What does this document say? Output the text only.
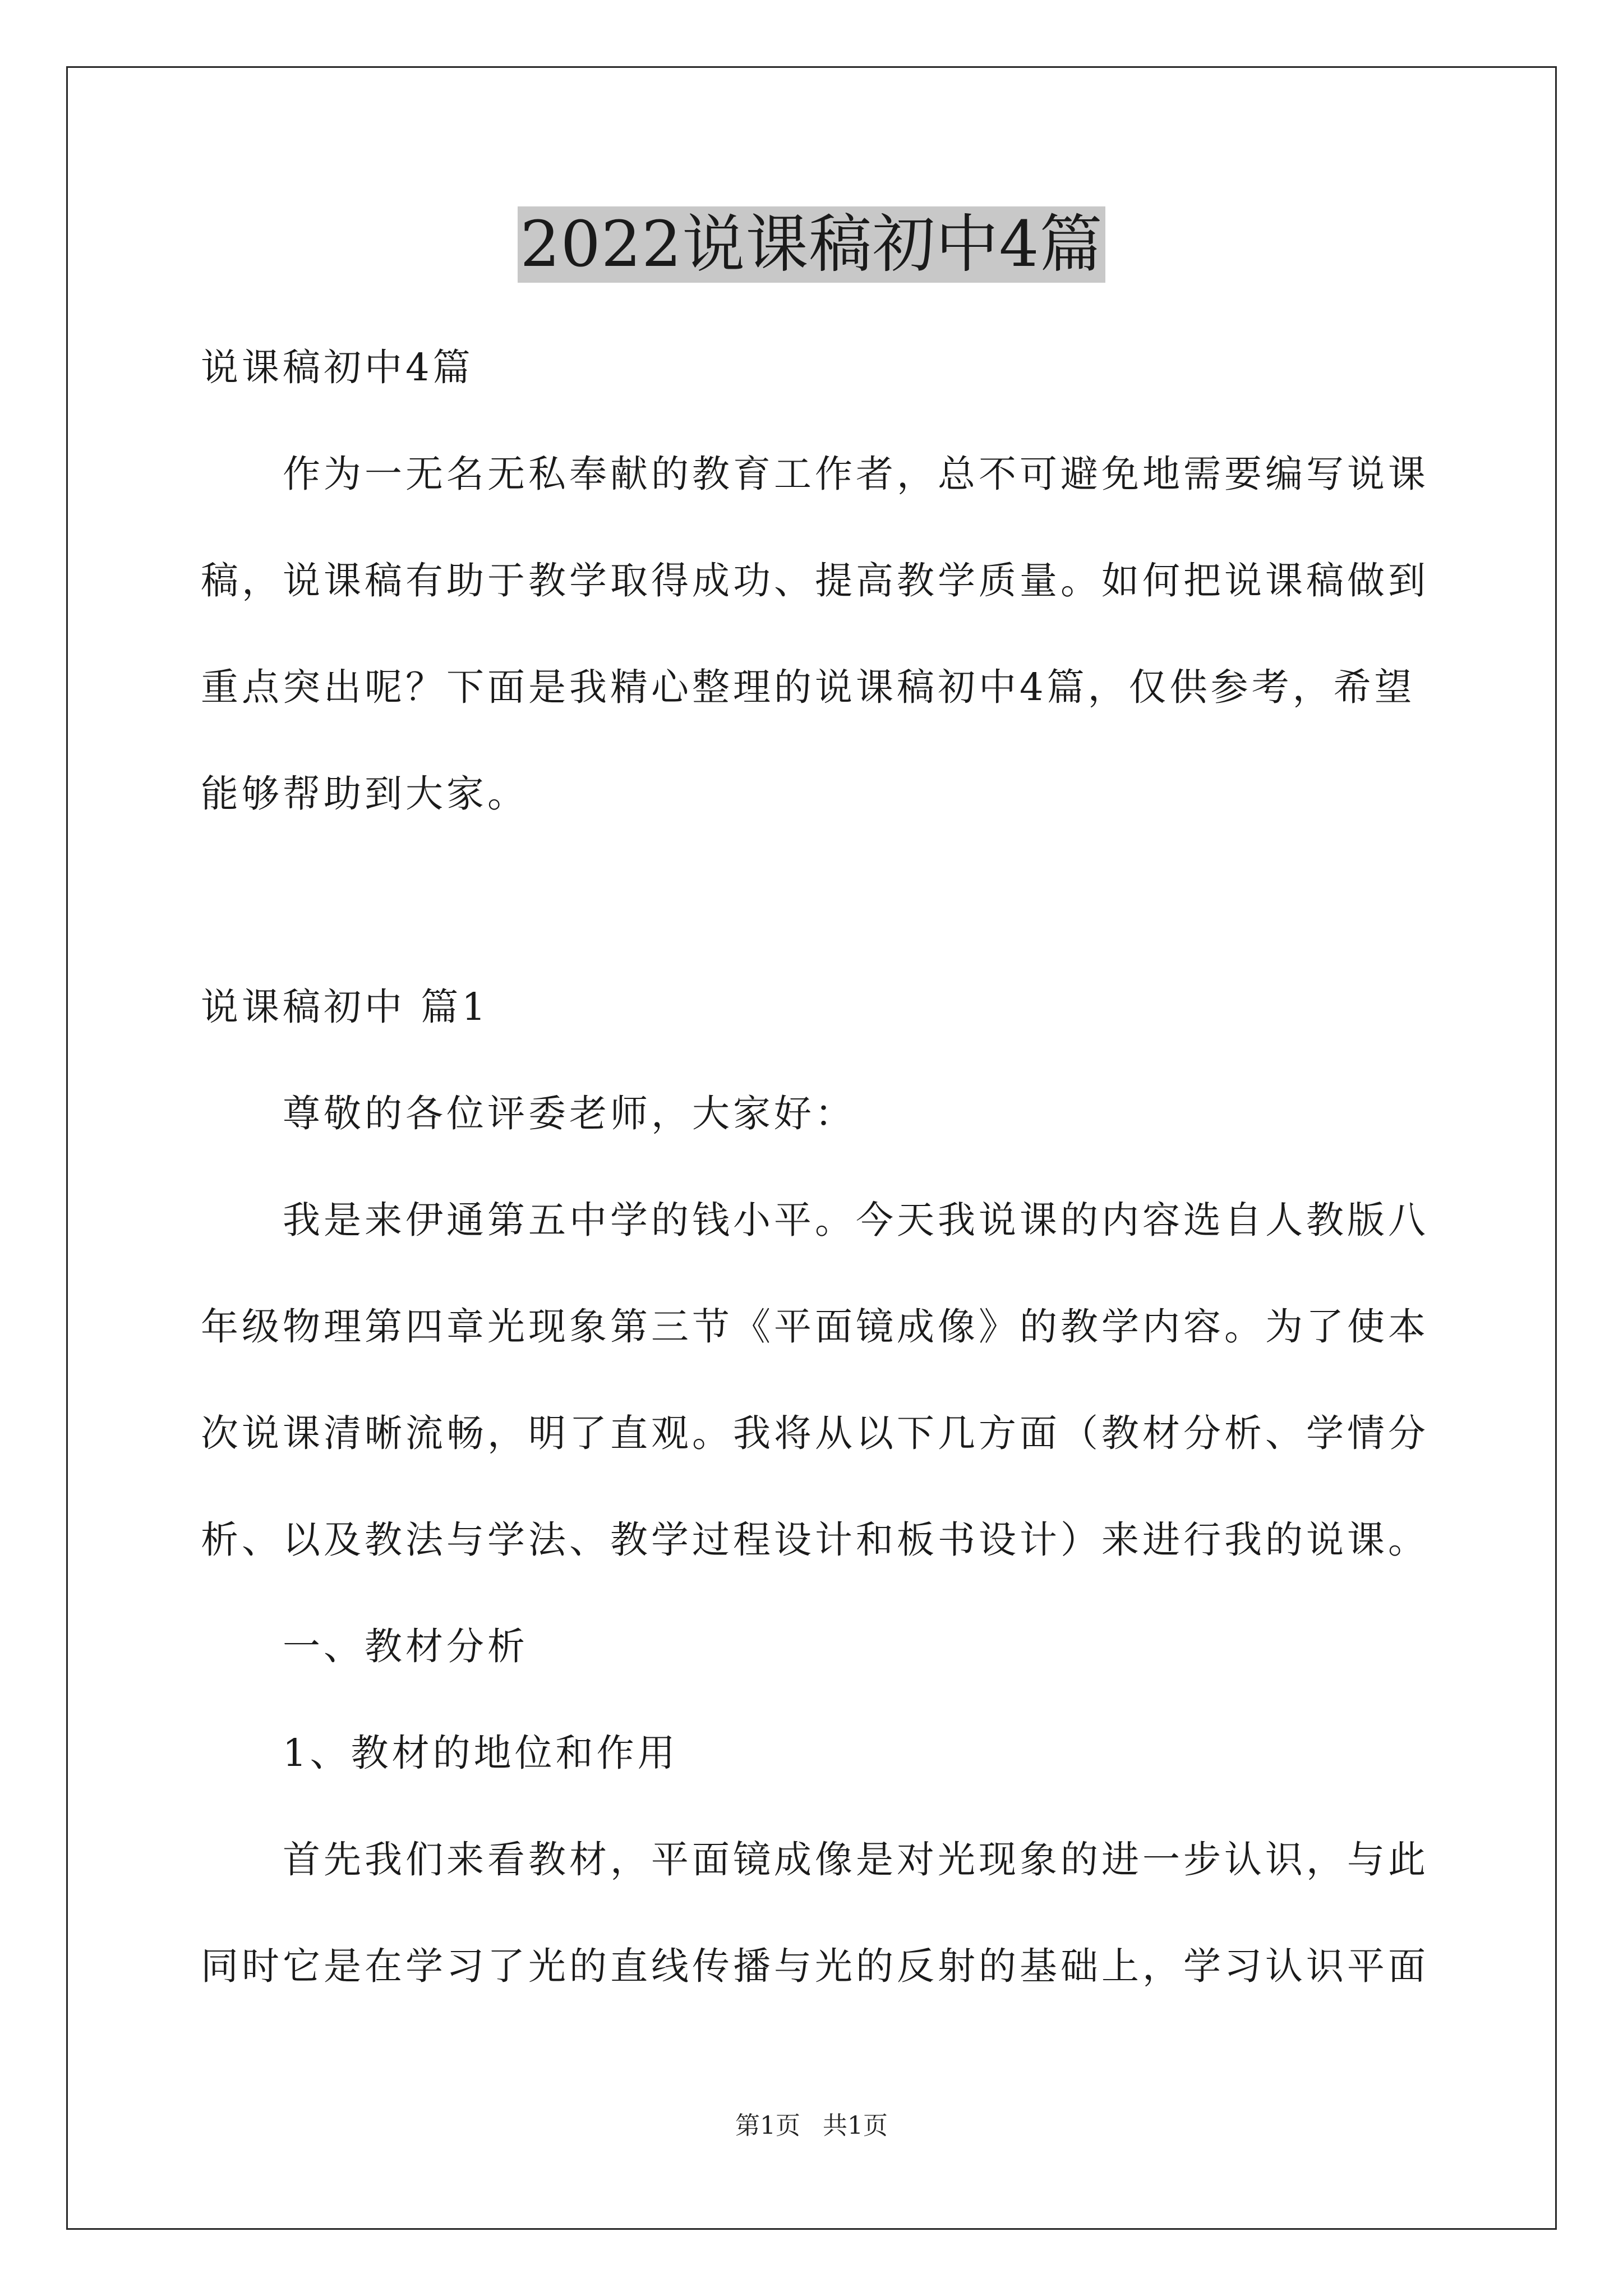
2022说课稿初中4篇

说课稿初中4篇

作为一无名无私奉献的教育工作者，总不可避免地需要编写说课稿，说课稿有助于教学取得成功、提高教学质量。如何把说课稿做到重点突出呢？下面是我精心整理的说课稿初中4篇，仅供参考，希望能够帮助到大家。

说课稿初中 篇1

尊敬的各位评委老师，大家好：

我是来伊通第五中学的钱小平。今天我说课的内容选自人教版八年级物理第四章光现象第三节《平面镜成像》的教学内容。为了使本次说课清晰流畅，明了直观。我将从以下几方面（教材分析、学情分析、以及教法与学法、教学过程设计和板书设计）来进行我的说课。

一、教材分析

1、教材的地位和作用

首先我们来看教材，平面镜成像是对光现象的进一步认识，与此同时它是在学习了光的直线传播与光的反射的基础上，学习认识平面

第1页 共1页
